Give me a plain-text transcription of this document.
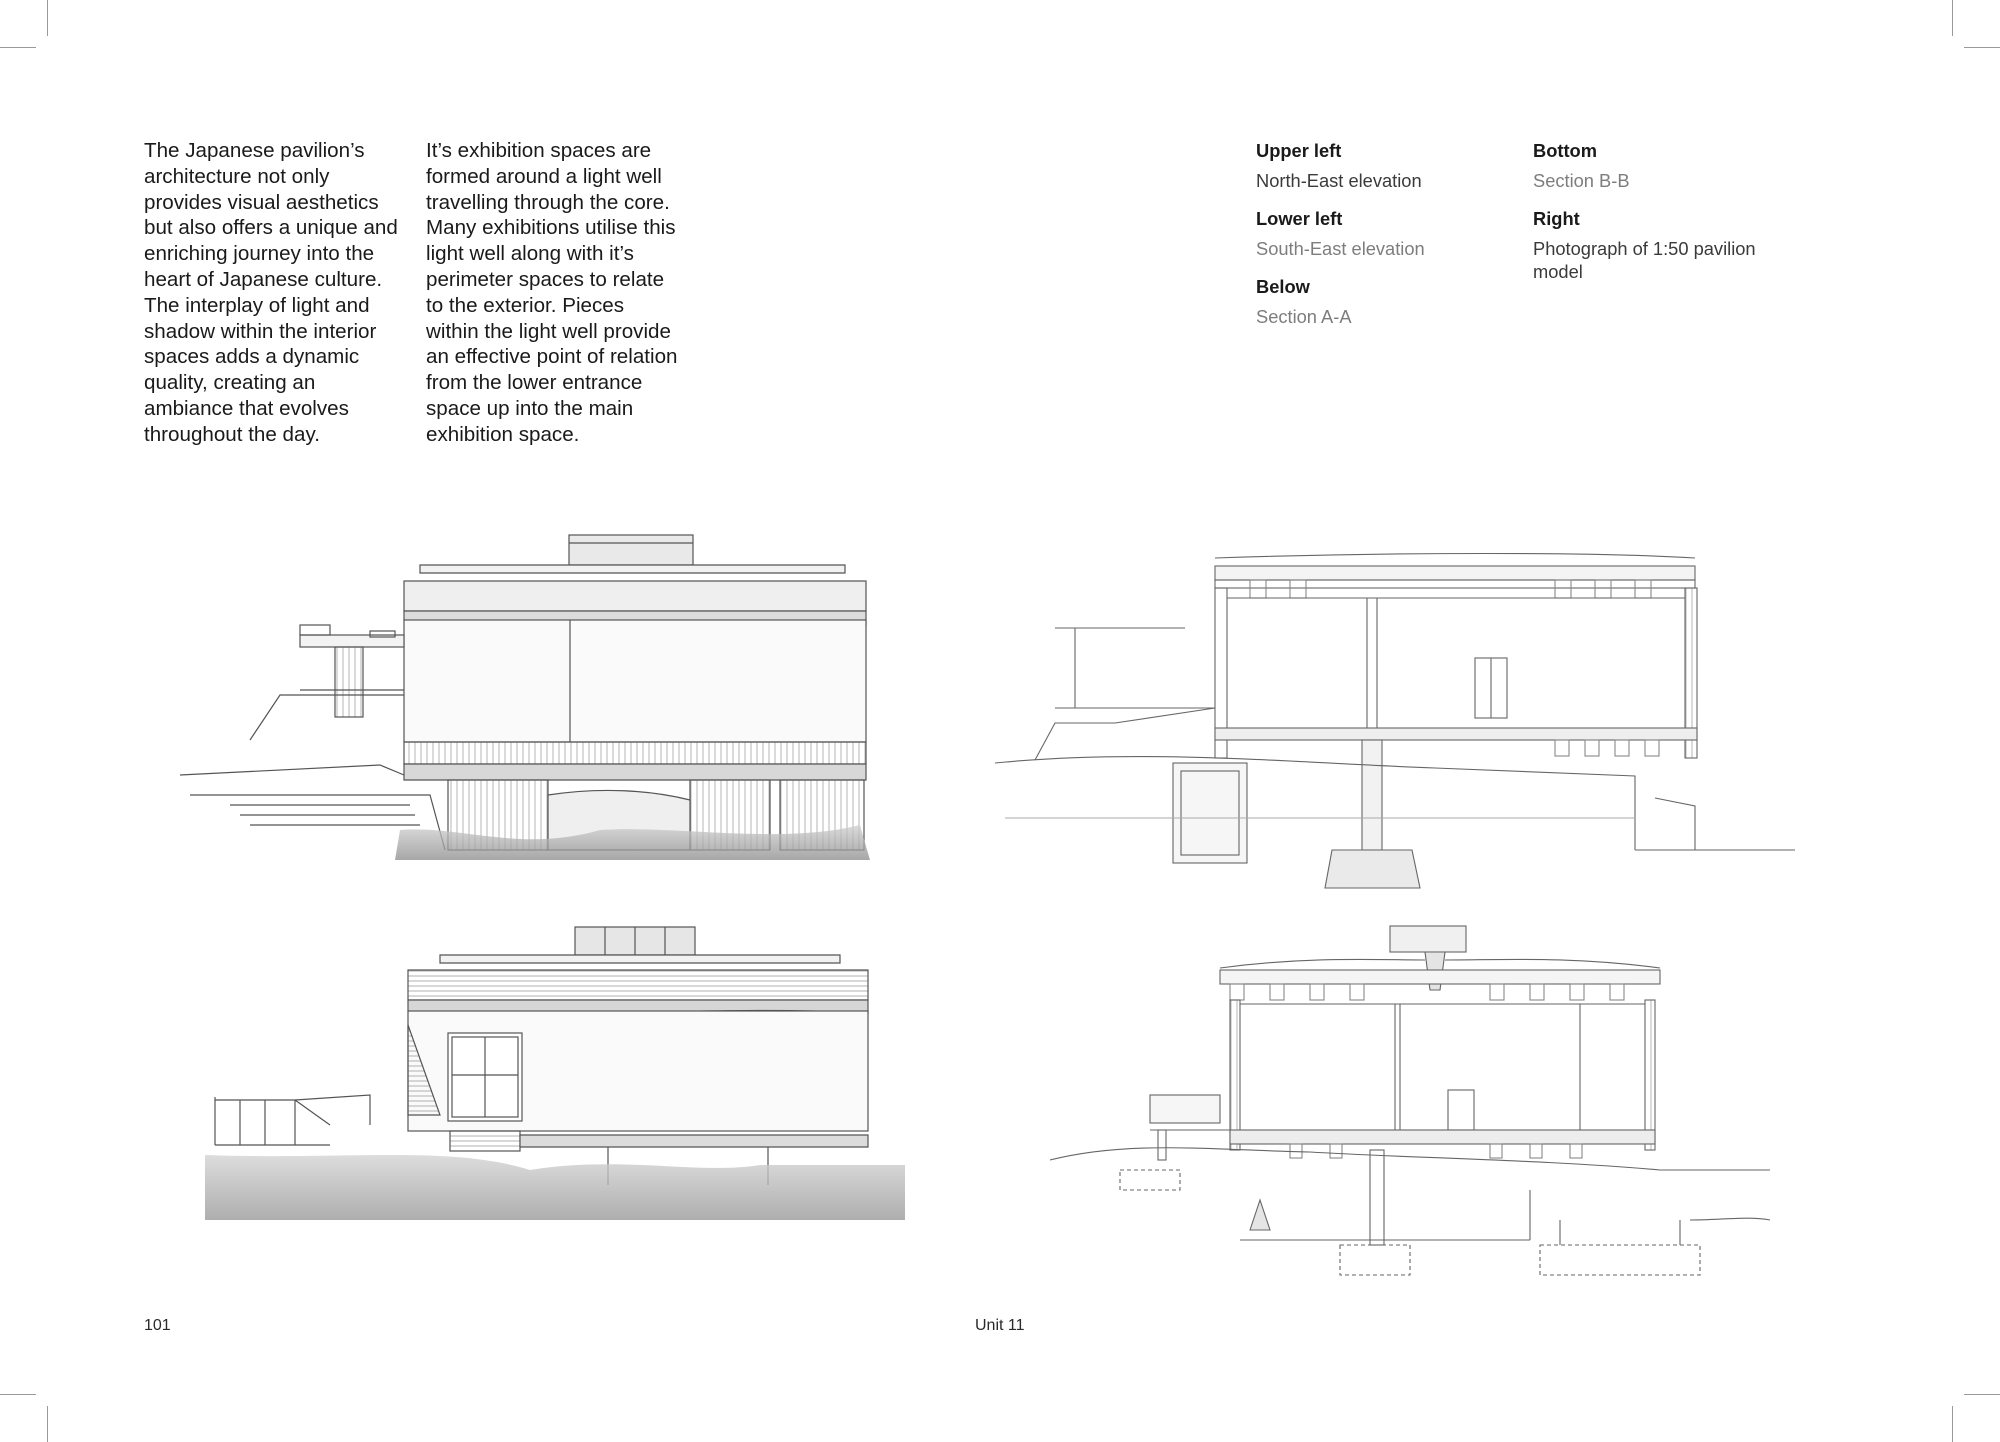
The Japanese pavilion’s architecture not only provides visual aesthetics but also offers a unique and enriching journey into the heart of Japanese culture. The interplay of light and shadow within the interior spaces adds a dynamic quality, creating an ambiance that evolves throughout the day.

It’s exhibition spaces are formed around a light well travelling through the core. Many exhibitions utilise this light well along with it’s perimeter spaces to relate to the exterior. Pieces within the light well provide an effective point of relation from the lower entrance space up into the main exhibition space.

Upper left
North-East elevation
Lower left
South-East elevation
Below
Section A-A
Bottom
Section B-B
Right
Photograph of 1:50 pavilion model
101	Unit 11
